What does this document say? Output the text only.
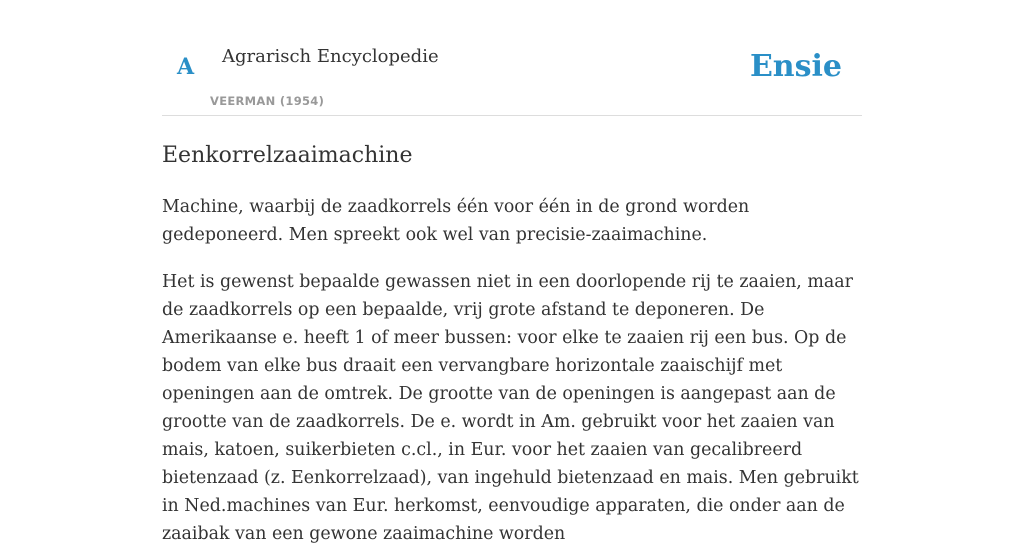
A Agrarisch Encyclopedie
VEERMAN (1954)
Ensie
Eenkorrelzaaimachine

Machine, waarbij de zaadkorrels één voor één in de grond worden gedeponeerd. Men spreekt ook wel van precisie-zaaimachine.

Het is gewenst bepaalde gewassen niet in een doorlopende rij te zaaien, maar de zaadkorrels op een bepaalde, vrij grote afstand te deponeren. De Amerikaanse e. heeft 1 of meer bussen: voor elke te zaaien rij een bus. Op de bodem van elke bus draait een vervangbare horizontale zaaischijf met openingen aan de omtrek. De grootte van de openingen is aangepast aan de grootte van de zaadkorrels. De e. wordt in Am. gebruikt voor het zaaien van mais, katoen, suikerbieten c.cl., in Eur. voor het zaaien van gecalibreerd bietenzaad (z. Eenkorrelzaad), van ingehuld bietenzaad en mais. Men gebruikt in Ned.machines van Eur. herkomst, eenvoudige apparaten, die onder aan de zaaibak van een gewone zaaimachine worden
